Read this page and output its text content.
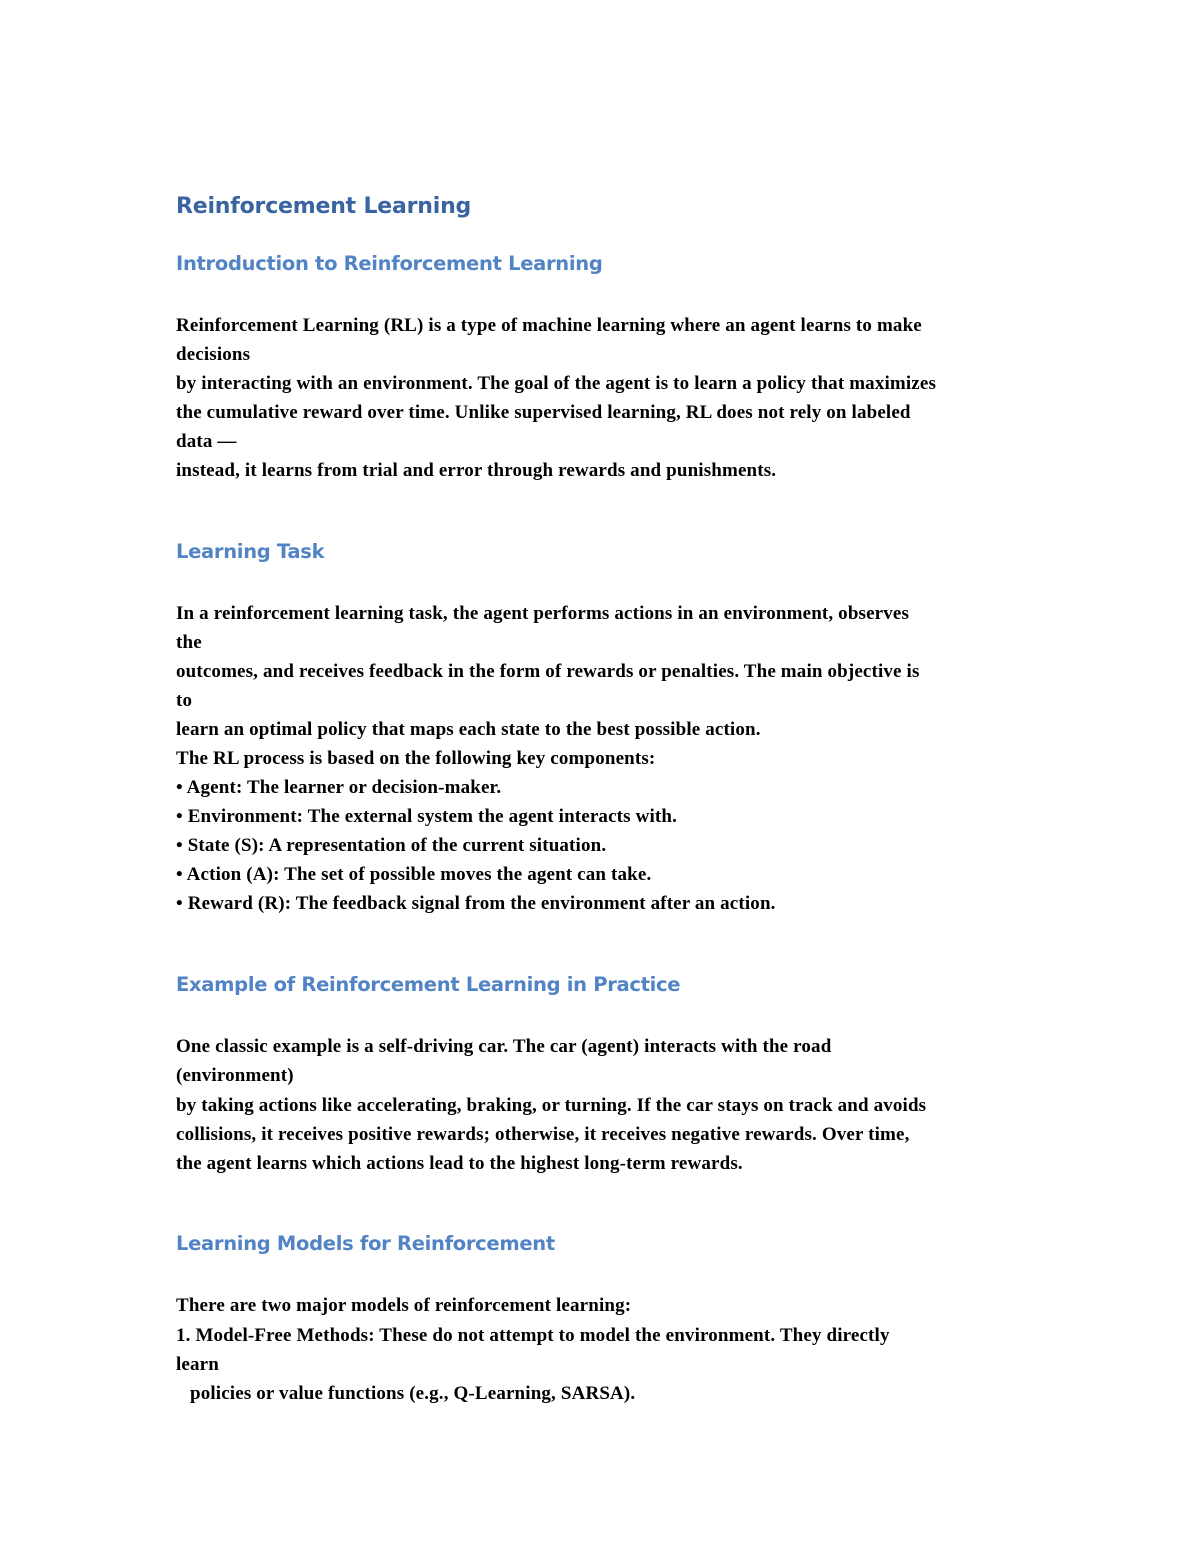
Reinforcement Learning
Introduction to Reinforcement Learning

Reinforcement Learning (RL) is a type of machine learning where an agent learns to make

decisions

by interacting with an environment. The goal of the agent is to learn a policy that maximizes

the cumulative reward over time. Unlike supervised learning, RL does not rely on labeled

data —

instead, it learns from trial and error through rewards and punishments.

Learning Task

In a reinforcement learning task, the agent performs actions in an environment, observes

the

outcomes, and receives feedback in the form of rewards or penalties. The main objective is

to

learn an optimal policy that maps each state to the best possible action.

The RL process is based on the following key components:

• Agent: The learner or decision-maker.

• Environment: The external system the agent interacts with.

• State (S): A representation of the current situation.

• Action (A): The set of possible moves the agent can take.

• Reward (R): The feedback signal from the environment after an action.

Example of Reinforcement Learning in Practice

One classic example is a self-driving car. The car (agent) interacts with the road

(environment)

by taking actions like accelerating, braking, or turning. If the car stays on track and avoids

collisions, it receives positive rewards; otherwise, it receives negative rewards. Over time,

the agent learns which actions lead to the highest long-term rewards.

Learning Models for Reinforcement

There are two major models of reinforcement learning:

1. Model-Free Methods: These do not attempt to model the environment. They directly

learn

policies or value functions (e.g., Q-Learning, SARSA).
